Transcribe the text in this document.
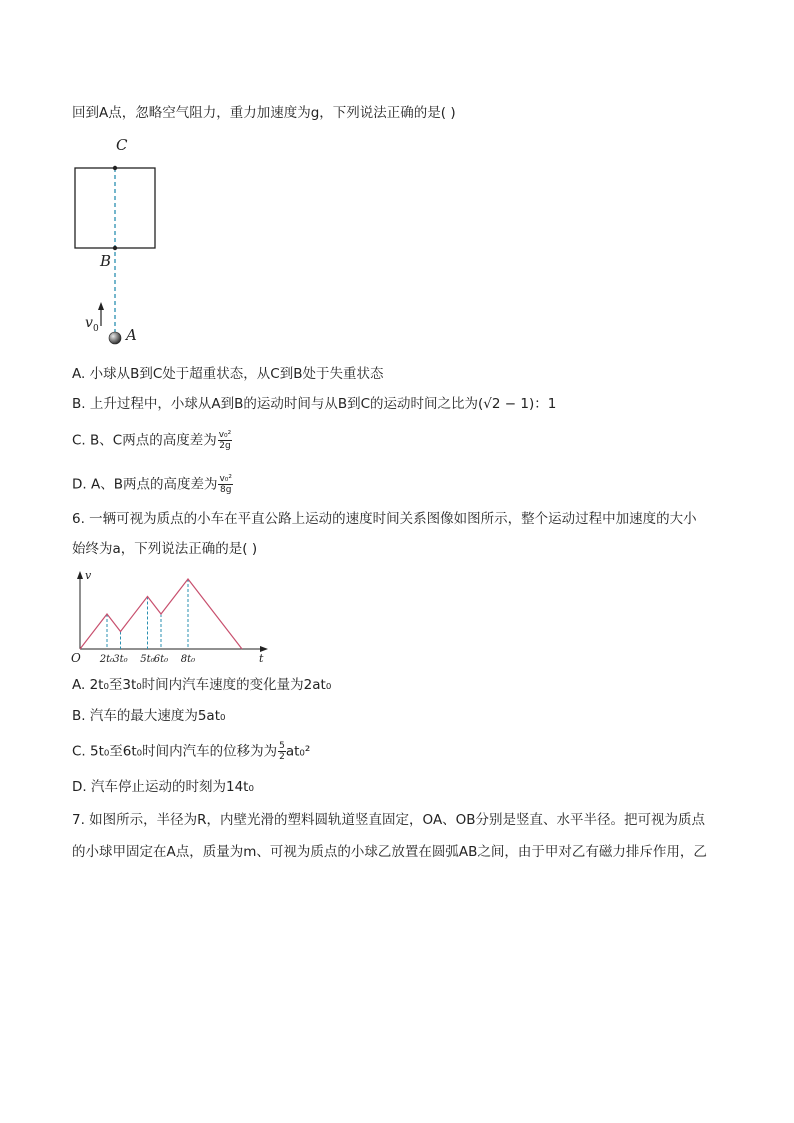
回到A点，忽略空气阻力，重力加速度为g，下列说法正确的是( )
C
B
v 0 A
A. 小球从B到C处于超重状态，从C到B处于失重状态
B. 上升过程中，小球从A到B的运动时间与从B到C的运动时间之比为(√2 − 1)：1
C. B、C两点的高度差为 $\frac{\text{v₀²}}{2g}$
D. A、B两点的高度差为 $\frac{\text{v₀²}}{8g}$
6. 一辆可视为质点的小车在平直公路上运动的速度时间关系图像如图所示，整个运动过程中加速度的大小
始终为a，下列说法正确的是( )
v
t
O 2t₀ 3t₀ 5t₀ 6t₀ 8t₀
A. 2t₀至3t₀时间内汽车速度的变化量为2at₀
B. 汽车的最大速度为5at₀
C. 5t₀至6t₀时间内汽车的位移为为 $\frac{5}{2} at_0^2$
D. 汽车停止运动的时刻为14t₀
7. 如图所示，半径为R，内壁光滑的塑料圆轨道竖直固定，OA、OB分别是竖直、水平半径。把可视为质点
的小球甲固定在A点，质量为m、可视为质点的小球乙放置在圆弧AB之间，由于甲对乙有磁力排斥作用，乙
